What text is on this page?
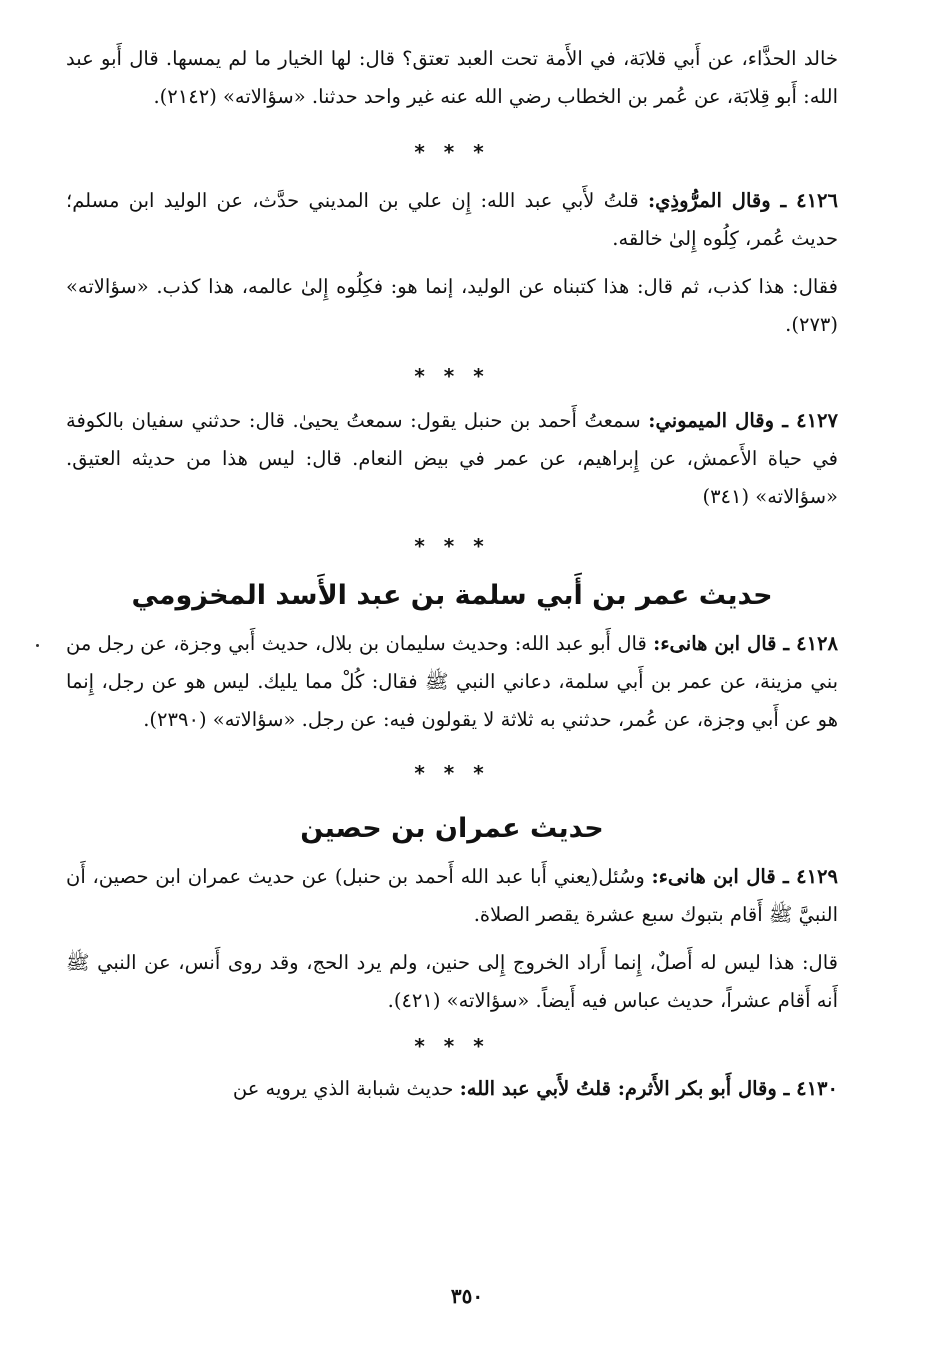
خالد الحذَّاء، عن أَبي قلابَة، في الأَمة تحت العبد تعتق؟ قال: لها الخيار ما لم يمسها. قال أَبو عبد الله: أَبو قِلابَة، عن عُمر بن الخطاب رضي الله عنه غير واحد حدثنا. «سؤالاته» (٢١٤٢).

* * *

٤١٢٦ ـ وقال المرُّوذِي: قلتُ لأَبي عبد الله: إِن علي بن المديني حدَّث، عن الوليد ابن مسلم؛ حديث عُمر، كِلُوه إِلىٰ خالقه.

فقال: هذا كذب، ثم قال: هذا كتبناه عن الوليد، إنما هو: فكِلُوه إِلىٰ عالمه، هذا كذب. «سؤالاته» (٢٧٣).

* * *

٤١٢٧ ـ وقال الميموني: سمعتُ أَحمد بن حنبل يقول: سمعتُ يحيىٰ. قال: حدثني سفيان بالكوفة في حياة الأَعمش، عن إِبراهيم، عن عمر في بيض النعام. قال: ليس هذا من حديثه العتيق. «سؤالاته» (٣٤١)

* * *

حديث عمر بن أَبي سلمة بن عبد الأَسد المخزومي

٤١٢٨ ـ قال ابن هانىء: قال أَبو عبد الله: وحديث سليمان بن بلال، حديث أَبي وجزة، عن رجل من بني مزينة، عن عمر بن أَبي سلمة، دعاني النبي ﷺ فقال: كُلْ مما يليك. ليس هو عن رجل، إِنما هو عن أَبي وجزة، عن عُمر، حدثني به ثلاثة لا يقولون فيه: عن رجل. «سؤالاته» (٢٣٩٠).

* * *

حديث عمران بن حصين

٤١٢٩ ـ قال ابن هانىء: وسُئل(يعني أَبا عبد الله أَحمد بن حنبل) عن حديث عمران ابن حصين، أَن النبيَّ ﷺ أَقام بتبوك سبع عشرة يقصر الصلاة.

قال: هذا ليس له أَصلٌ، إِنما أَراد الخروج إِلى حنين، ولم يرد الحج، وقد روى أَنس، عن النبي ﷺ أَنه أَقام عشراً، حديث عباس فيه أَيضاً. «سؤالاته» (٤٢١).

* * *

٤١٣٠ ـ وقال أَبو بكر الأَثرم: قلتُ لأَبي عبد الله: حديث شبابة الذي يرويه عن

٣٥٠
